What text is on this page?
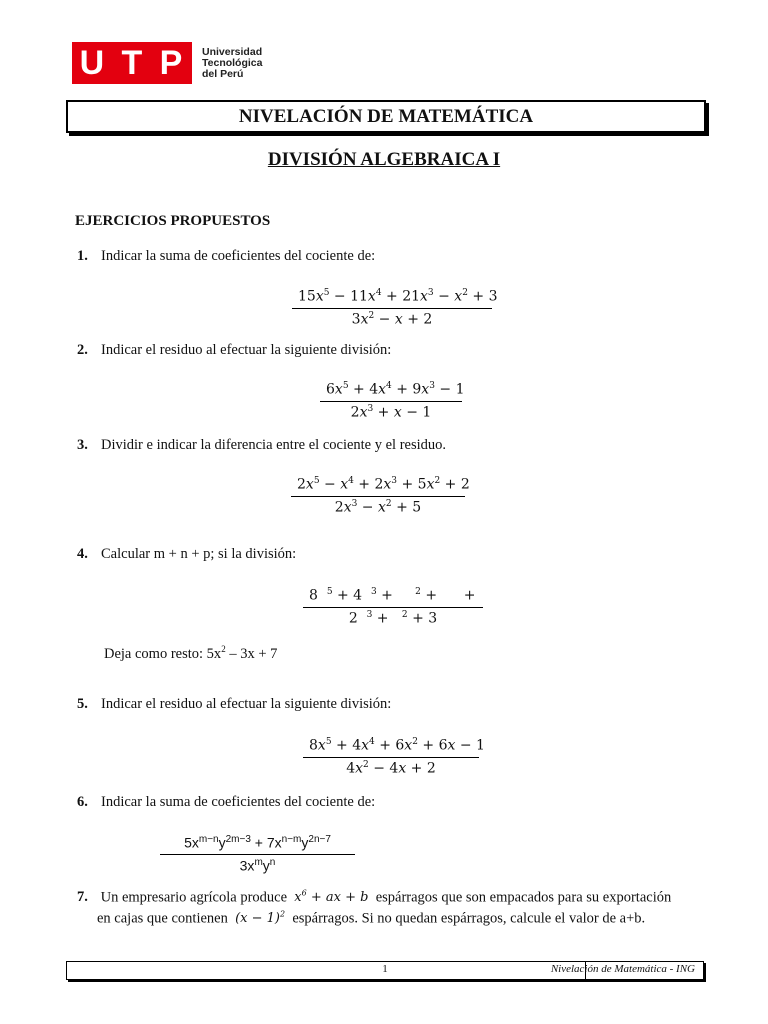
U T P Universidad
Tecnológica
del Perú
NIVELACIÓN DE MATEMÁTICA
DIVISIÓN ALGEBRAICA I
EJERCICIOS PROPUESTOS
1. Indicar la suma de coeficientes del cociente de:
$15x^5 - 11x^4 + 21x^3 - x^2 + 3$
$3x^2 - x + 2$
2. Indicar el residuo al efectuar la siguiente división:
$6x^5 + 4x^4 + 9x^3 - 1$
$2x^3 + x - 1$
3. Dividir e indicar la diferencia entre el cociente y el residuo.
$2x^5 - x^4 + 2x^3 + 5x^2 + 2$
$2x^3 - x^2 + 5$
4. Calcular m + n + p; si la división:
8  $^5$ + 4  $^3$ +     $^2$ +      +
2  $^3$ +   $^2$ + 3
Deja como resto: $5x^2 - 3x + 7$
5. Indicar el residuo al efectuar la siguiente división:
$8x^5 + 4x^4 + 6x^2 + 6x - 1$
$4x^2 - 4x + 2$
6. Indicar la suma de coeficientes del cociente de:
$5x^{m-n}y^{2m-3} + 7x^{n-m}y^{2n-7}$
$3x^my^n$
7. Un empresario agrícola produce $x^6$ + ax + b espárragos que son empacados para su exportación
en cajas que contienen $(x - 1)^2$ espárragos. Si no quedan espárragos, calcule el valor de a+b.
1	Nivelación de Matemática - ING
